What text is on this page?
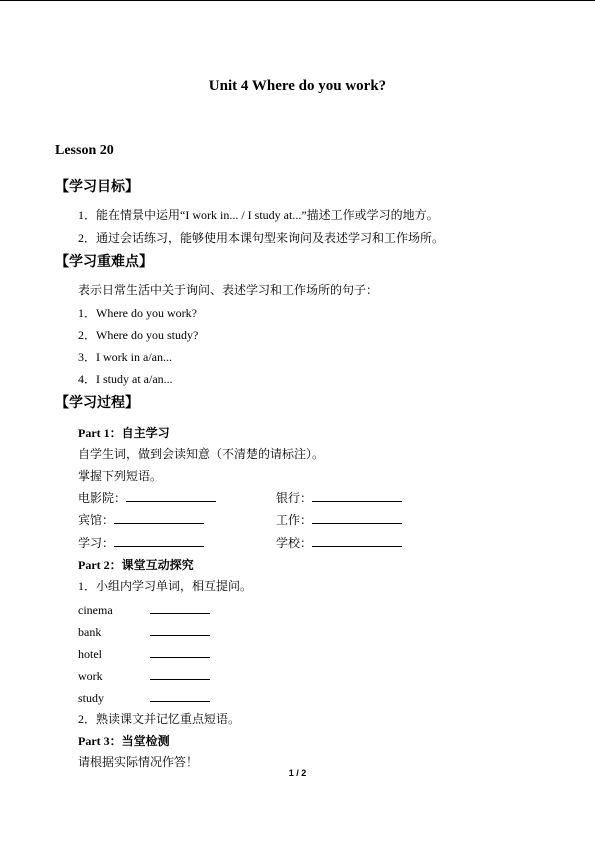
Unit 4 Where do you work?
Lesson 20
【学习目标】
1．能在情景中运用“I work in... / I study at...”描述工作或学习的地方。
2．通过会话练习，能够使用本课句型来询问及表述学习和工作场所。
【学习重难点】
表示日常生活中关于询问、表述学习和工作场所的句子：
1．Where do you work?
2．Where do you study?
3．I work in a/an...
4．I study at a/an...
【学习过程】
Part 1：自主学习
自学生词，做到会读知意（不清楚的请标注）。
掌握下列短语。
电影院：	银行：
宾馆：	工作：
学习：	学校：
Part 2：课堂互动探究
1．小组内学习单词，相互提问。
cinema
bank
hotel
work
study
2．熟读课文并记忆重点短语。
Part 3：当堂检测
请根据实际情况作答！
1 / 2
